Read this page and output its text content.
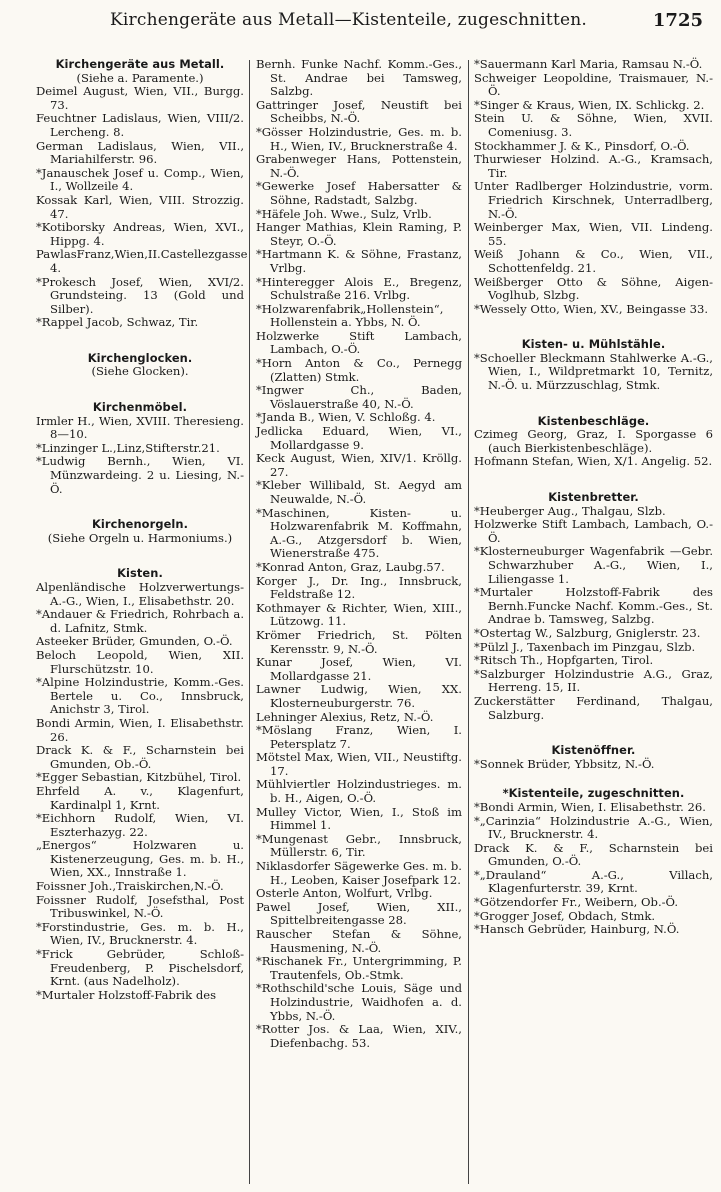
Kirchengeräte aus Metall—Kistenteile, zugeschnitten.	1725
Kirchengeräte aus Metall.
(Siehe a. Paramente.)
Deimel August, Wien, VII., Burgg. 73.
Feuchtner Ladislaus, Wien, VIII/2. Lercheng. 8.
German Ladislaus, Wien, VII., Mariahilferstr. 96.
*Janauschek Josef u. Comp., Wien, I., Wollzeile 4.
Kossak Karl, Wien, VIII. Strozzig. 47.
*Kotiborsky Andreas, Wien, XVI., Hippg. 4.
PawlasFranz,Wien,II.Castellezgasse 4.
*Prokesch Josef, Wien, XVI/2. Grundsteing. 13 (Gold und Silber).
*Rappel Jacob, Schwaz, Tir.
Kirchenglocken.
(Siehe Glocken).
Kirchenmöbel.
Irmler H., Wien, XVIII. Theresieng. 8—10.
*Linzinger L.,Linz,Stifterstr.21.
*Ludwig Bernh., Wien, VI. Münzwardeing. 2 u. Liesing, N.-Ö.
Kirchenorgeln.
(Siehe Orgeln u. Harmoniums.)
Kisten.
Alpenländische Holzverwertungs-A.-G., Wien, I., Elisabethstr. 20.
*Andauer & Friedrich, Rohrbach a. d. Lafnitz, Stmk.
Asteeker Brüder, Gmunden, O.-Ö.
Beloch Leopold, Wien, XII. Flurschützstr. 10.
*Alpine Holzindustrie, Komm.-Ges. Bertele u. Co., Innsbruck, Anichstr 3, Tirol.
Bondi Armin, Wien, I. Elisabethstr. 26.
Drack K. & F., Scharnstein bei Gmunden, Ob.-Ö.
*Egger Sebastian, Kitzbühel, Tirol.
Ehrfeld A. v., Klagenfurt, Kardinalpl 1, Krnt.
*Eichhorn Rudolf, Wien, VI. Eszterhazyg. 22.
„Energos“ Holzwaren u. Kistenerzeugung, Ges. m. b. H., Wien, XX., Innstraße 1.
Foissner Joh.,Traiskirchen,N.-Ö.
Foissner Rudolf, Josefsthal, Post Tribuswinkel, N.-Ö.
*Forstindustrie, Ges. m. b. H., Wien, IV., Brucknerstr. 4.
*Frick Gebrüder, Schloß-Freudenberg, P. Pischelsdorf, Krnt. (aus Nadelholz).
*Murtaler Holzstoff-Fabrik des
Bernh. Funke Nachf. Komm.-Ges., St. Andrae bei Tamsweg, Salzbg.
Gattringer Josef, Neustift bei Scheibbs, N.-Ö.
*Gösser Holzindustrie, Ges. m. b. H., Wien, IV., Brucknerstraße 4.
Grabenweger Hans, Pottenstein, N.-Ö.
*Gewerke Josef Habersatter & Söhne, Radstadt, Salzbg.
*Häfele Joh. Wwe., Sulz, Vrlb.
Hanger Mathias, Klein Raming, P. Steyr, O.-Ö.
*Hartmann K. & Söhne, Frastanz, Vrlbg.
*Hinteregger Alois E., Bregenz, Schulstraße 216. Vrlbg.
*Holzwarenfabrik„Hollenstein“, Hollenstein a. Ybbs, N. Ö.
Holzwerke Stift Lambach, Lambach, O.-Ö.
*Horn Anton & Co., Pernegg (Zlatten) Stmk.
*Ingwer Ch., Baden, Vöslauerstraße 40, N.-Ö.
*Janda B., Wien, V. Schloßg. 4.
Jedlicka Eduard, Wien, VI., Mollardgasse 9.
Keck August, Wien, XIV/1. Kröllg. 27.
*Kleber Willibald, St. Aegyd am Neuwalde, N.-Ö.
*Maschinen, Kisten- u. Holzwarenfabrik M. Koffmahn, A.-G., Atzgersdorf b. Wien, Wienerstraße 475.
*Konrad Anton, Graz, Laubg.57.
Korger J., Dr. Ing., Innsbruck, Feldstraße 12.
Kothmayer & Richter, Wien, XIII., Lützowg. 11.
Krömer Friedrich, St. Pölten Kerensstr. 9, N.-Ö.
Kunar Josef, Wien, VI. Mollardgasse 21.
Lawner Ludwig, Wien, XX. Klosterneuburgerstr. 76.
Lehninger Alexius, Retz, N.-Ö.
*Möslang Franz, Wien, I. Petersplatz 7.
Mötstel Max, Wien, VII., Neustiftg. 17.
Mühlviertler Holzindustrieges. m. b. H., Aigen, O.-Ö.
Mulley Victor, Wien, I., Stoß im Himmel 1.
*Mungenast Gebr., Innsbruck, Müllerstr. 6, Tir.
Niklasdorfer Sägewerke Ges. m. b. H., Leoben, Kaiser Josefpark 12.
Osterle Anton, Wolfurt, Vrlbg.
Pawel Josef, Wien, XII., Spittelbreitengasse 28.
Rauscher Stefan & Söhne, Hausmening, N.-Ö.
*Rischanek Fr., Untergrimming, P. Trautenfels, Ob.-Stmk.
*Rothschild'sche Louis, Säge und Holzindustrie, Waidhofen a. d. Ybbs, N.-Ö.
*Rotter Jos. & Laa, Wien, XIV., Diefenbachg. 53.
*Sauermann Karl Maria, Ramsau N.-Ö.
Schweiger Leopoldine, Traismauer, N.-Ö.
*Singer & Kraus, Wien, IX. Schlickg. 2.
Stein U. & Söhne, Wien, XVII. Comeniusg. 3.
Stockhammer J. & K., Pinsdorf, O.-Ö.
Thurwieser Holzind. A.-G., Kramsach, Tir.
Unter Radlberger Holzindustrie, vorm. Friedrich Kirschnek, Unterradlberg, N.-Ö.
Weinberger Max, Wien, VII. Lindeng. 55.
Weiß Johann & Co., Wien, VII., Schottenfeldg. 21.
Weißberger Otto & Söhne, Aigen-Voglhub, Slzbg.
*Wessely Otto, Wien, XV., Beingasse 33.
Kisten- u. Mühlstähle.
*Schoeller Bleckmann Stahlwerke A.-G., Wien, I., Wildpretmarkt 10, Ternitz, N.-Ö. u. Mürzzuschlag, Stmk.
Kistenbeschläge.
Czimeg Georg, Graz, I. Sporgasse 6 (auch Bierkistenbeschläge).
Hofmann Stefan, Wien, X/1. Angelig. 52.
Kistenbretter.
*Heuberger Aug., Thalgau, Slzb.
Holzwerke Stift Lambach, Lambach, O.-Ö.
*Klosterneuburger Wagenfabrik —Gebr. Schwarzhuber A.-G., Wien, I., Liliengasse 1.
*Murtaler Holzstoff-Fabrik des Bernh.Funcke Nachf. Komm.-Ges., St. Andrae b. Tamsweg, Salzbg.
*Ostertag W., Salzburg, Gniglerstr. 23.
*Pülzl J., Taxenbach im Pinzgau, Slzb.
*Ritsch Th., Hopfgarten, Tirol.
*Salzburger Holzindustrie A.G., Graz, Herreng. 15, II.
Zuckerstätter Ferdinand, Thalgau, Salzburg.
Kistenöffner.
*Sonnek Brüder, Ybbsitz, N.-Ö.
*Kistenteile, zugeschnitten.
*Bondi Armin, Wien, I. Elisabethstr. 26.
*„Carinzia“ Holzindustrie A.-G., Wien, IV., Brucknerstr. 4.
Drack K. & F., Scharnstein bei Gmunden, O.-Ö.
*„Drauland“ A.-G., Villach, Klagenfurterstr. 39, Krnt.
*Götzendorfer Fr., Weibern, Ob.-Ö.
*Grogger Josef, Obdach, Stmk.
*Hansch Gebrüder, Hainburg, N.Ö.
